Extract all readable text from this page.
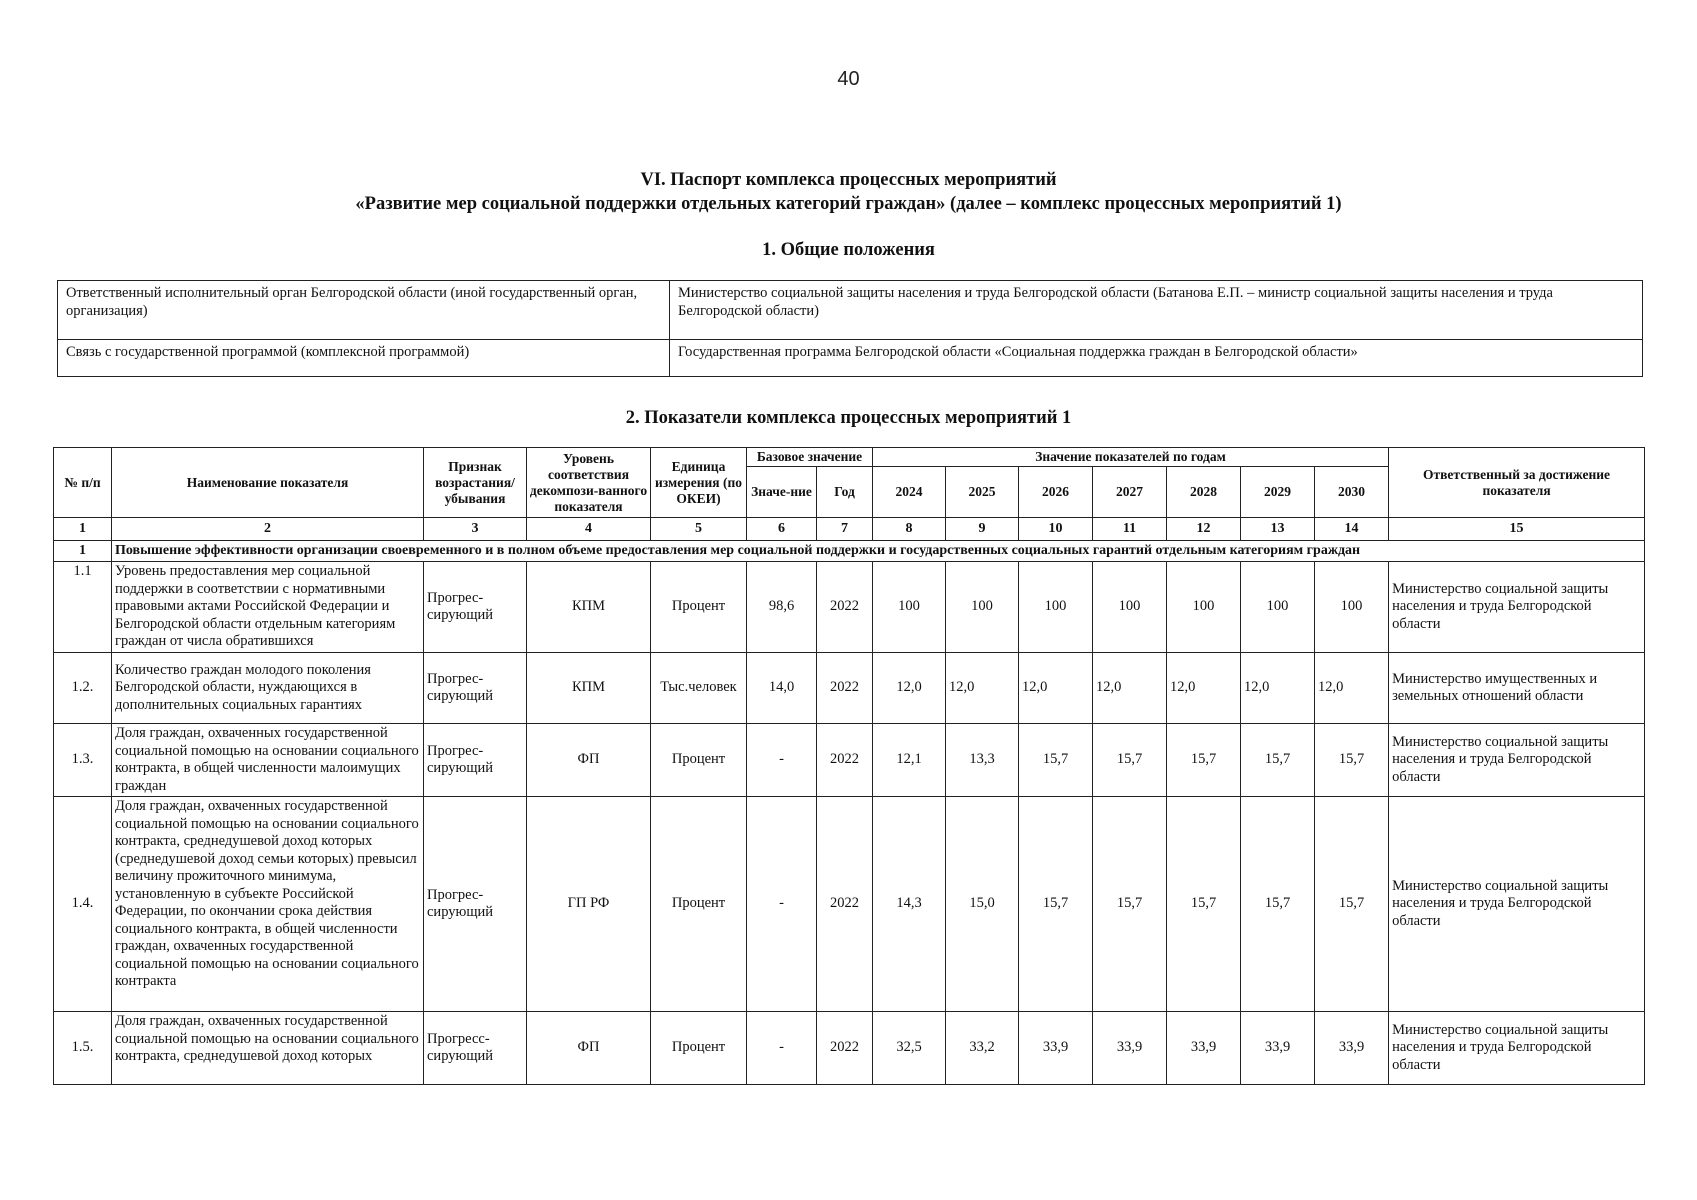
40
VI. Паспорт комплекса процессных мероприятий
«Развитие мер социальной поддержки отдельных категорий граждан» (далее – комплекс процессных мероприятий 1)
1. Общие положения
Ответственный исполнительный орган Белгородской области (иной государственный орган, организация)	Министерство социальной защиты населения и труда Белгородской области (Батанова Е.П. – министр социальной защиты населения и труда Белгородской области)
Связь с государственной программой (комплексной программой)	Государственная программа Белгородской области «Социальная поддержка граждан в Белгородской области»
2. Показатели комплекса процессных мероприятий 1
№ п/п	Наименование показателя	Признак возрастания/ убывания	Уровень соответствия декомпози-ванного показателя	Единица измерения (по ОКЕИ)	Базовое значение		Значение показателей по годам							Ответственный за достижение показателя
					Значе-ние	Год	2024	2025	2026	2027	2028	2029	2030	
1	2	3	4	5	6	7	8	9	10	11	12	13	14	15
1	Повышение эффективности организации своевременного и в полном объеме предоставления мер социальной поддержки и государственных социальных гарантий отдельным категориям граждан													
1.1	Уровень предоставления мер социальной поддержки в соответствии с нормативными правовыми актами Российской Федерации и Белгородской области отдельным категориям граждан от числа обратившихся	Прогрес-сирующий	КПМ	Процент	98,6	2022	100	100	100	100	100	100	100	Министерство социальной защиты населения и труда Белгородской области
1.2.	Количество граждан молодого поколения Белгородской области, нуждающихся в дополнительных социальных гарантиях	Прогрес-сирующий	КПМ	Тыс.человек	14,0	2022	12,0	12,0	12,0	12,0	12,0	12,0	12,0	Министерство имущественных и земельных отношений области
1.3.	Доля граждан, охваченных государственной социальной помощью на основании социального контракта, в общей численности малоимущих граждан	Прогрес-сирующий	ФП	Процент	-	2022	12,1	13,3	15,7	15,7	15,7	15,7	15,7	Министерство социальной защиты населения и труда Белгородской области
1.4.	Доля граждан, охваченных государственной социальной помощью на основании социального контракта, среднедушевой доход которых (среднедушевой доход семьи которых) превысил величину прожиточного минимума, установленную в субъекте Российской Федерации, по окончании срока действия социального контракта, в общей численности граждан, охваченных государственной социальной помощью на основании социального контракта	Прогрес-сирующий	ГП РФ	Процент	-	2022	14,3	15,0	15,7	15,7	15,7	15,7	15,7	Министерство социальной защиты населения и труда Белгородской области
1.5.	Доля граждан, охваченных государственной социальной помощью на основании социального контракта, среднедушевой доход которых	Прогресс-сирующий	ФП	Процент	-	2022	32,5	33,2	33,9	33,9	33,9	33,9	33,9	Министерство социальной защиты населения и труда Белгородской области
